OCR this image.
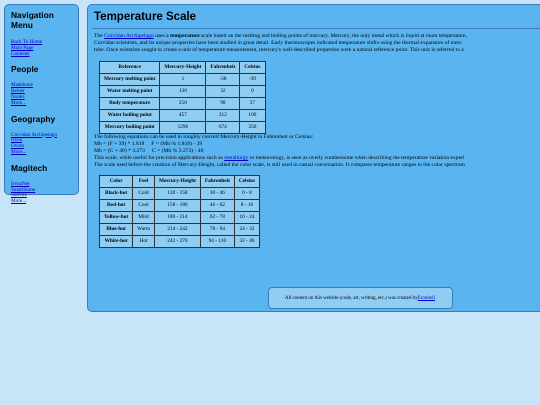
Navigation Menu
Back To Home
Main Page
Contents
People
Madeleine
Reiner
Nonks
More...
Geography
Corvidan Archipelago
Irvna
Ovren
More...
Magitech
IrvnaNet
SmartStone
Subvox
More...
Temperature Scale

The Corvidan Archipelago uses a temperature scale based on the melting and boiling points of mercury. Mercury, the only metal which is liquid at room temperature,
Corvidan scientists, and its unique properties have been studied in great detail. Early thermoscopes indicated temperature shifts using the thermal expansion of merc
tube. Once scientists sought to create a unit of temperature measurement, mercury's well-described properties were a natural reference point. This unit is referred to a

Reference	Mercury-Height	Fahrenheit	Celsius
Mercury melting point	1	-38	-39
Water melting point	130	32	0
Body temperature	250	98	37
Water boiling point	457	212	100
Mercury boiling point	1296	674	356

The following equations can be used to roughly convert Mercury-Height to Fahrenheit or Celsius:

Mh = (F + 39) * 1.818 F = (Mh % 1.818) - 39

Mh = (C + 40) * 3.273 C = (Mh % 3.273) - 40

This scale, while useful for precision applications such as metallurgy or meteorology, is seen as overly cumbersome when describing the temperature variation experi
The scale used before the creation of Mercury-Height, called the color scale, is still used in casual conversation. It compares temperature ranges to the color spectrum

Color	Feel	Mercury-Height	Fahrenheit	Celsius
Black-hot	Cold	130 - 158	30 - 46	0 - 8
Red-hot	Cool	158 - 186	46 - 62	8 - 16
Yellow-hot	Mild	186 - 214	62 - 78	16 - 24
Blue-hot	Warm	214 - 242	78 - 94	24 - 32
White-hot	Hot	242 - 270	94 - 110	32 - 40
All content on this website (code, art, writing, etc.) was created by Eronbell .
